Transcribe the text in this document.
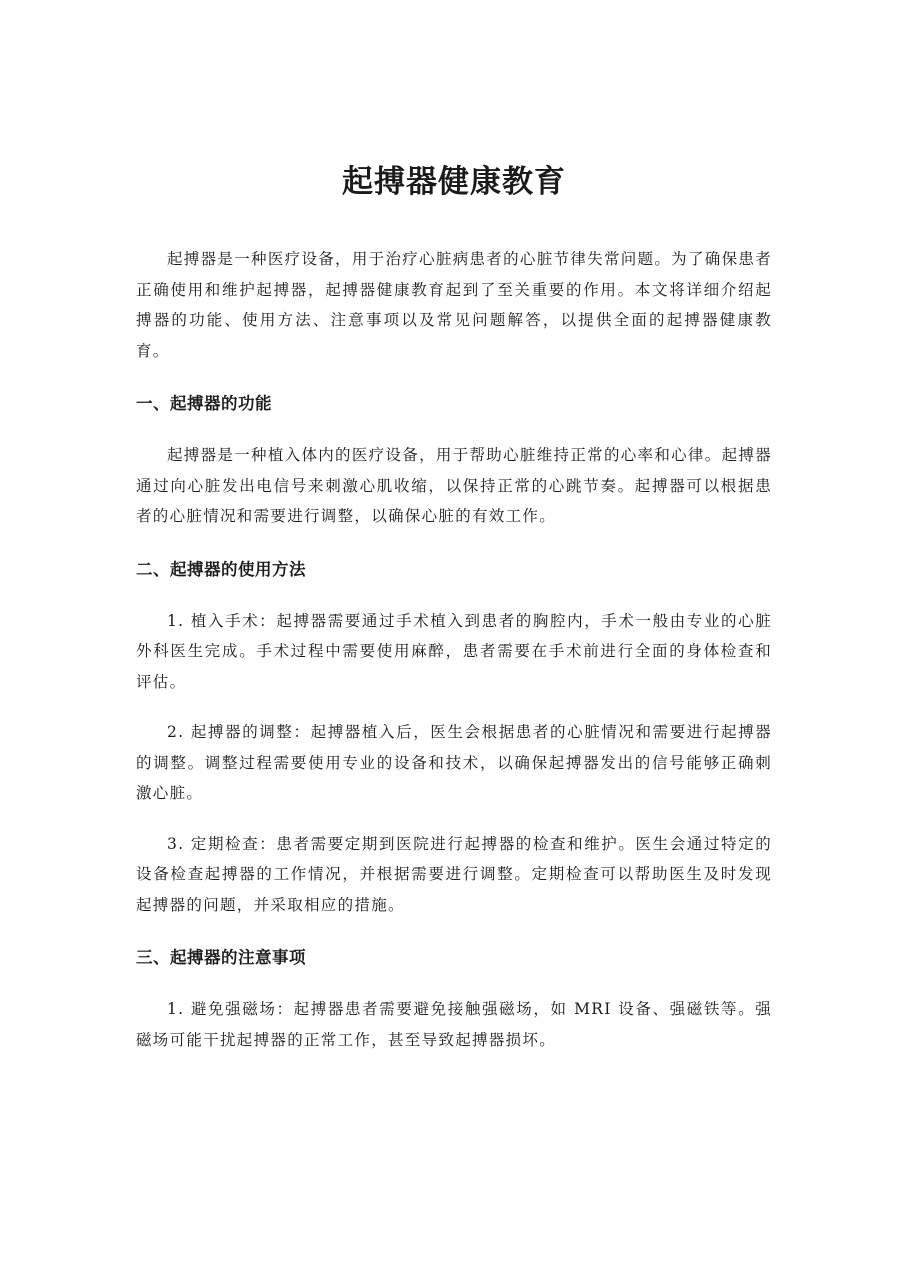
起搏器健康教育

起搏器是一种医疗设备，用于治疗心脏病患者的心脏节律失常问题。为了确保患者正确使用和维护起搏器，起搏器健康教育起到了至关重要的作用。本文将详细介绍起搏器的功能、使用方法、注意事项以及常见问题解答，以提供全面的起搏器健康教育。

一、起搏器的功能

起搏器是一种植入体内的医疗设备，用于帮助心脏维持正常的心率和心律。起搏器通过向心脏发出电信号来刺激心肌收缩，以保持正常的心跳节奏。起搏器可以根据患者的心脏情况和需要进行调整，以确保心脏的有效工作。

二、起搏器的使用方法

1. 植入手术：起搏器需要通过手术植入到患者的胸腔内，手术一般由专业的心脏外科医生完成。手术过程中需要使用麻醉，患者需要在手术前进行全面的身体检查和评估。

2. 起搏器的调整：起搏器植入后，医生会根据患者的心脏情况和需要进行起搏器的调整。调整过程需要使用专业的设备和技术，以确保起搏器发出的信号能够正确刺激心脏。

3. 定期检查：患者需要定期到医院进行起搏器的检查和维护。医生会通过特定的设备检查起搏器的工作情况，并根据需要进行调整。定期检查可以帮助医生及时发现起搏器的问题，并采取相应的措施。

三、起搏器的注意事项

1. 避免强磁场：起搏器患者需要避免接触强磁场，如 MRI 设备、强磁铁等。强磁场可能干扰起搏器的正常工作，甚至导致起搏器损坏。
